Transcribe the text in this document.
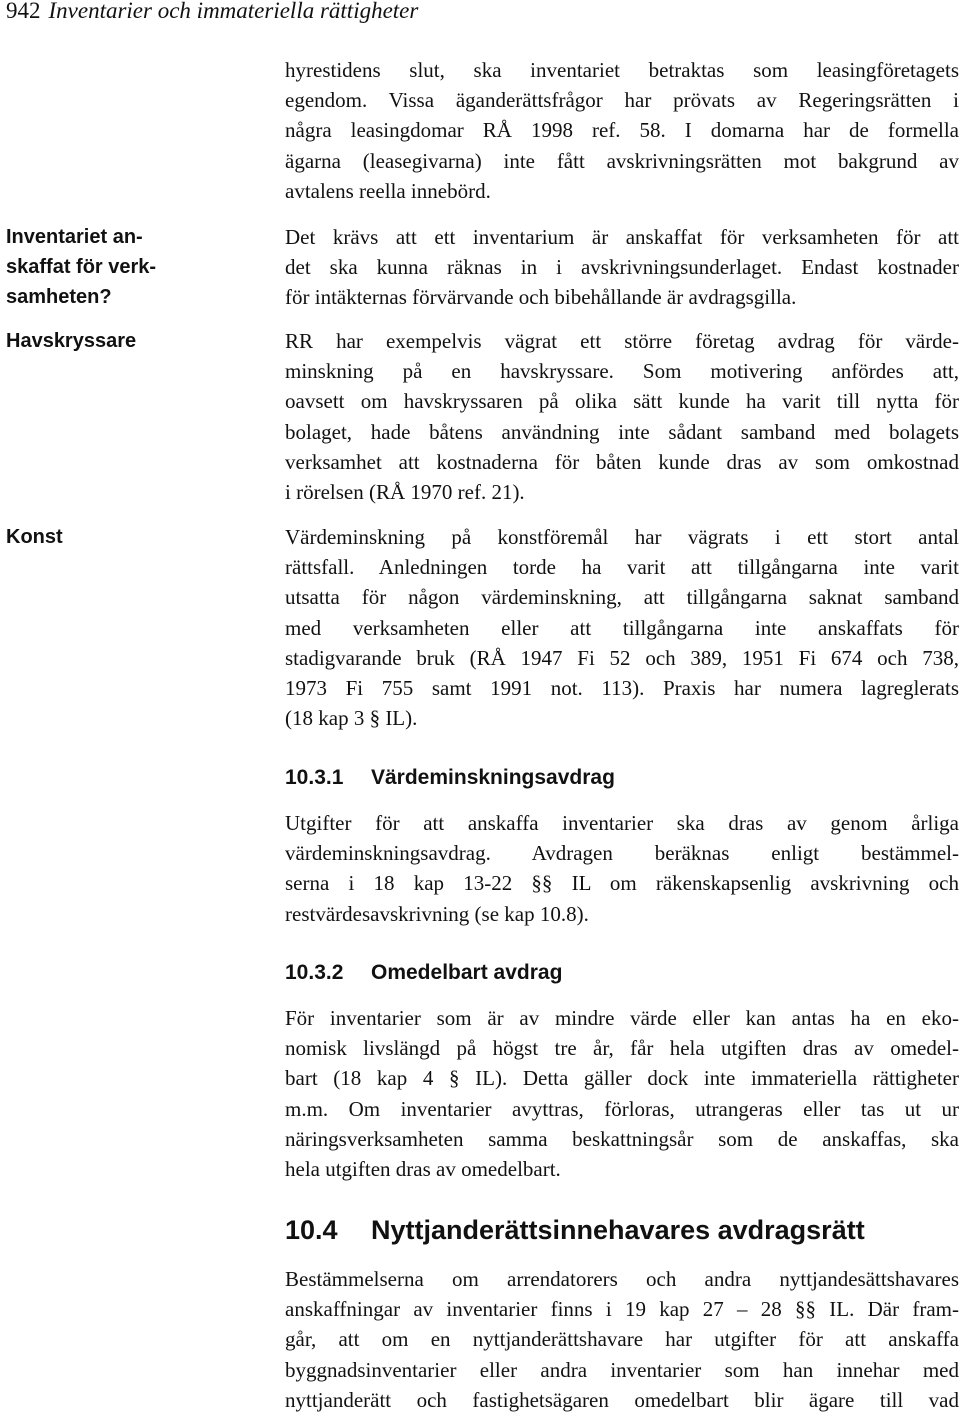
942 Inventarier och immateriella rättigheter
Inventariet an-
skaffat för verk-
samheten?
Havskryssare
Konst

hyrestidens slut, ska inventariet betraktas som leasingföretagets
egendom. Vissa äganderättsfrågor har prövats av Regeringsrätten i
några leasingdomar RÅ 1998 ref. 58. I domarna har de formella
ägarna (leasegivarna) inte fått avskrivningsrätten mot bakgrund av
avtalens reella innebörd.

Det krävs att ett inventarium är anskaffat för verksamheten för att
det ska kunna räknas in i avskrivningsunderlaget. Endast kostnader
för intäkternas förvärvande och bibehållande är avdragsgilla.

RR har exempelvis vägrat ett större företag avdrag för värde-
minskning på en havskryssare. Som motivering anfördes att,
oavsett om havskryssaren på olika sätt kunde ha varit till nytta för
bolaget, hade båtens användning inte sådant samband med bolagets
verksamhet att kostnaderna för båten kunde dras av som omkostnad
i rörelsen (RÅ 1970 ref. 21).

Värdeminskning på konstföremål har vägrats i ett stort antal
rättsfall. Anledningen torde ha varit att tillgångarna inte varit
utsatta för någon värdeminskning, att tillgångarna saknat samband
med verksamheten eller att tillgångarna inte anskaffats för
stadigvarande bruk (RÅ 1947 Fi 52 och 389, 1951 Fi 674 och 738,
1973 Fi 755 samt 1991 not. 113). Praxis har numera lagreglerats
(18 kap 3 § IL).

10.3.1 Värdeminskningsavdrag

Utgifter för att anskaffa inventarier ska dras av genom årliga
värdeminskningsavdrag. Avdragen beräknas enligt bestämmel-
serna i 18 kap 13-22 §§ IL om räkenskapsenlig avskrivning och
restvärdesavskrivning (se kap 10.8).

10.3.2 Omedelbart avdrag

För inventarier som är av mindre värde eller kan antas ha en eko-
nomisk livslängd på högst tre år, får hela utgiften dras av omedel-
bart (18 kap 4 § IL). Detta gäller dock inte immateriella rättigheter
m.m. Om inventarier avyttras, förloras, utrangeras eller tas ut ur
näringsverksamheten samma beskattningsår som de anskaffas, ska
hela utgiften dras av omedelbart.

10.4 Nyttjanderättsinnehavares avdragsrätt

Bestämmelserna om arrendatorers och andra nyttjandesättshavares
anskaffningar av inventarier finns i 19 kap 27 – 28 §§ IL. Där fram-
går, att om en nyttjanderättshavare har utgifter för att anskaffa
byggnadsinventarier eller andra inventarier som han innehar med
nyttjanderätt och fastighetsägaren omedelbart blir ägare till vad
